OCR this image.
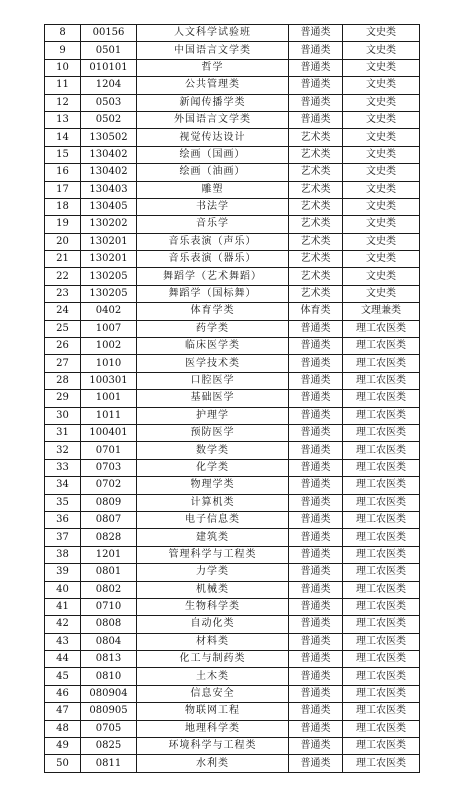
8	00156	人文科学试验班	普通类	文史类
9	0501	中国语言文学类	普通类	文史类
10	010101	哲学	普通类	文史类
11	1204	公共管理类	普通类	文史类
12	0503	新闻传播学类	普通类	文史类
13	0502	外国语言文学类	普通类	文史类
14	130502	视觉传达设计	艺术类	文史类
15	130402	绘画（国画）	艺术类	文史类
16	130402	绘画（油画）	艺术类	文史类
17	130403	雕塑	艺术类	文史类
18	130405	书法学	艺术类	文史类
19	130202	音乐学	艺术类	文史类
20	130201	音乐表演（声乐）	艺术类	文史类
21	130201	音乐表演（器乐）	艺术类	文史类
22	130205	舞蹈学（艺术舞蹈）	艺术类	文史类
23	130205	舞蹈学（国标舞）	艺术类	文史类
24	0402	体育学类	体育类	文理兼类
25	1007	药学类	普通类	理工农医类
26	1002	临床医学类	普通类	理工农医类
27	1010	医学技术类	普通类	理工农医类
28	100301	口腔医学	普通类	理工农医类
29	1001	基础医学	普通类	理工农医类
30	1011	护理学	普通类	理工农医类
31	100401	预防医学	普通类	理工农医类
32	0701	数学类	普通类	理工农医类
33	0703	化学类	普通类	理工农医类
34	0702	物理学类	普通类	理工农医类
35	0809	计算机类	普通类	理工农医类
36	0807	电子信息类	普通类	理工农医类
37	0828	建筑类	普通类	理工农医类
38	1201	管理科学与工程类	普通类	理工农医类
39	0801	力学类	普通类	理工农医类
40	0802	机械类	普通类	理工农医类
41	0710	生物科学类	普通类	理工农医类
42	0808	自动化类	普通类	理工农医类
43	0804	材料类	普通类	理工农医类
44	0813	化工与制药类	普通类	理工农医类
45	0810	土木类	普通类	理工农医类
46	080904	信息安全	普通类	理工农医类
47	080905	物联网工程	普通类	理工农医类
48	0705	地理科学类	普通类	理工农医类
49	0825	环境科学与工程类	普通类	理工农医类
50	0811	水利类	普通类	理工农医类
